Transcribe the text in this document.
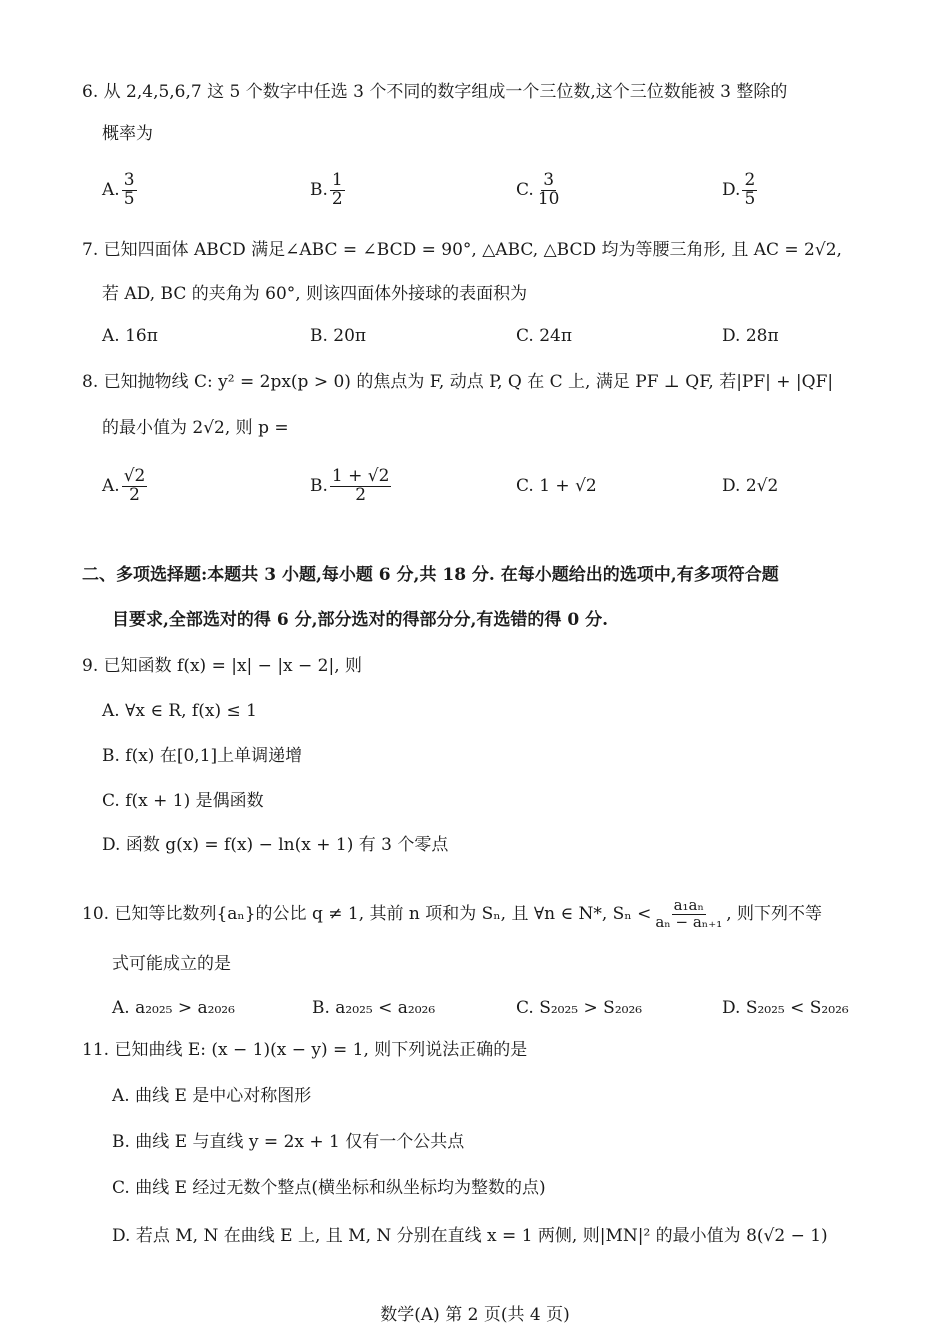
6. 从 2,4,5,6,7 这 5 个数字中任选 3 个不同的数字组成一个三位数,这个三位数能被 3 整除的
概率为
A. $\frac{3}{5}$	B. $\frac{1}{2}$	C. $\frac{3}{10}$	D. $\frac{2}{5}$
7. 已知四面体 ABCD 满足∠ABC = ∠BCD = 90°, △ABC, △BCD 均为等腰三角形, 且 AC = 2√2,
若 AD, BC 的夹角为 60°, 则该四面体外接球的表面积为
A. 16π	B. 20π	C. 24π	D. 28π
8. 已知抛物线 C: y² = 2px(p > 0) 的焦点为 F, 动点 P, Q 在 C 上, 满足 PF ⊥ QF, 若|PF| + |QF|
的最小值为 2√2, 则 p =
A. $\frac{√2}{2}$	B. $\frac{1 + √2}{2}$	C. 1 + √2	D. 2√2
二、多项选择题:本题共 3 小题,每小题 6 分,共 18 分. 在每小题给出的选项中,有多项符合题
目要求,全部选对的得 6 分,部分选对的得部分分,有选错的得 0 分.
9. 已知函数 f(x) = |x| − |x − 2|, 则
A. ∀x ∈ R, f(x) ≤ 1
B. f(x) 在[0,1]上单调递增
C. f(x + 1) 是偶函数
D. 函数 g(x) = f(x) − ln(x + 1) 有 3 个零点
10. 已知等比数列{aₙ}的公比 q ≠ 1, 其前 n 项和为 Sₙ, 且 ∀n ∈ N*, $S_n < \frac{\text{a₁aₙ}}{\text{aₙ − aₙ₊₁}}$ , 则下列不等
式可能成立的是
A. a₂₀₂₅ > a₂₀₂₆	B. a₂₀₂₅ < a₂₀₂₆	C. S₂₀₂₅ > S₂₀₂₆	D. S₂₀₂₅ < S₂₀₂₆
11. 已知曲线 E: (x − 1)(x − y) = 1, 则下列说法正确的是
A. 曲线 E 是中心对称图形
B. 曲线 E 与直线 y = 2x + 1 仅有一个公共点
C. 曲线 E 经过无数个整点(横坐标和纵坐标均为整数的点)
D. 若点 M, N 在曲线 E 上, 且 M, N 分别在直线 x = 1 两侧, 则|MN|² 的最小值为 8(√2 − 1)
数学(A) 第 2 页(共 4 页)
